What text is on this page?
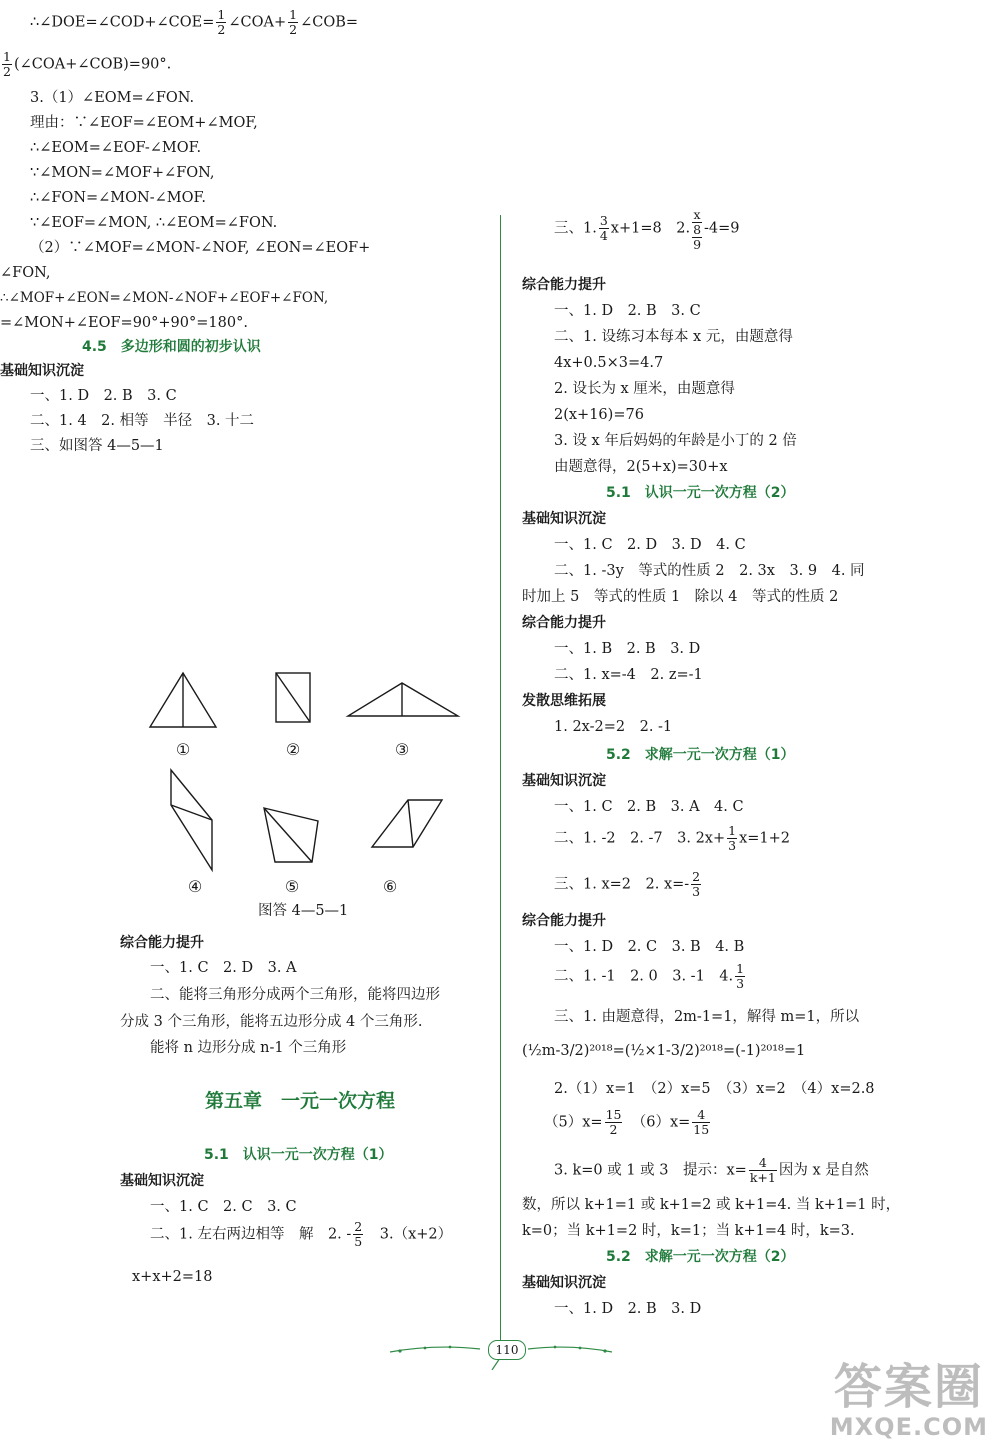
∴∠DOE=∠COD+∠COE= $\frac{1}{2}$ ∠COA+ $\frac{1}{2}$ ∠COB=
$\frac{1}{2}$ (∠COA+∠COB)=90°.
3.（1）∠EOM=∠FON.
理由：∵∠EOF=∠EOM+∠MOF,
∴∠EOM=∠EOF-∠MOF.
∵∠MON=∠MOF+∠FON,
∴∠FON=∠MON-∠MOF.
∵∠EOF=∠MON, ∴∠EOM=∠FON.
（2）∵∠MOF=∠MON-∠NOF, ∠EON=∠EOF+
∠FON,
∴∠MOF+∠EON=∠MON-∠NOF+∠EOF+∠FON,
=∠MON+∠EOF=90°+90°=180°.
4.5　多边形和圆的初步认识
基础知识沉淀
一、1. D　2. B　3. C
二、1. 4　2. 相等　半径　3. 十二
三、如图答 4—5—1
①	②	③
④	⑤	⑥
图答 4—5—1
综合能力提升
一、1. C　2. D　3. A
二、能将三角形分成两个三角形，能将四边形
分成 3 个三角形，能将五边形分成 4 个三角形.
能将 n 边形分成 n-1 个三角形
第五章　一元一次方程
5.1　认识一元一次方程（1）
基础知识沉淀
一、1. C　2. C　3. C
二、1. 左右两边相等　解　2. - $\frac{2}{5}$
　 3.（x+2）
x+x+2=18
三、1. $\frac{3}{4} x+1=8$　2.
x
8
9
-4=9
综合能力提升
一、1. D　2. B　3. C
二、1. 设练习本每本 x 元，由题意得
4x+0.5×3=4.7
2. 设长为 x 厘米，由题意得
2(x+16)=76
3. 设 x 年后妈妈的年龄是小丁的 2 倍
由题意得，2(5+x)=30+x
5.1　认识一元一次方程（2）
基础知识沉淀
一、1. C　2. D　3. D　4. C
二、1. -3y　等式的性质 2　2. 3x　3. 9　4. 同
时加上 5　等式的性质 1　除以 4　等式的性质 2
综合能力提升
一、1. B　2. B　3. D
二、1. x=-4　2. z=-1
发散思维拓展
1. 2x-2=2　2. -1
5.2　求解一元一次方程（1）
基础知识沉淀
一、1. C　2. B　3. A　4. C
二、1. -2　2. -7　3. $2x+ \frac{1}{3} x=1+2$
三、1. x=2　2. $x=- \frac{2}{3}$
综合能力提升
一、1. D　2. C　3. B　4. B
二、1. -1　2. 0　3. -1　4. $\frac{1}{3}$
三、1. 由题意得，2m-1=1，解得 m=1，所以
(½m-3/2)²⁰¹⁸=(½×1-3/2)²⁰¹⁸=(-1)²⁰¹⁸=1
2.（1）x=1　（2）x=5　（3）x=2　（4）x=2.8
$(5)x= \frac{15}{2}$
　 $(6)x= \frac{4}{15}$
3. k=0 或 1 或 3　提示：$x= \frac{4}{k+1}$ 因为 x 是自然
数，所以 k+1=1 或 k+1=2 或 k+1=4. 当 k+1=1 时，
k=0；当 k+1=2 时，k=1；当 k+1=4 时，k=3.
5.2　求解一元一次方程（2）
基础知识沉淀
一、1. D　2. B　3. D
110
答案圈
MXQE.COM
